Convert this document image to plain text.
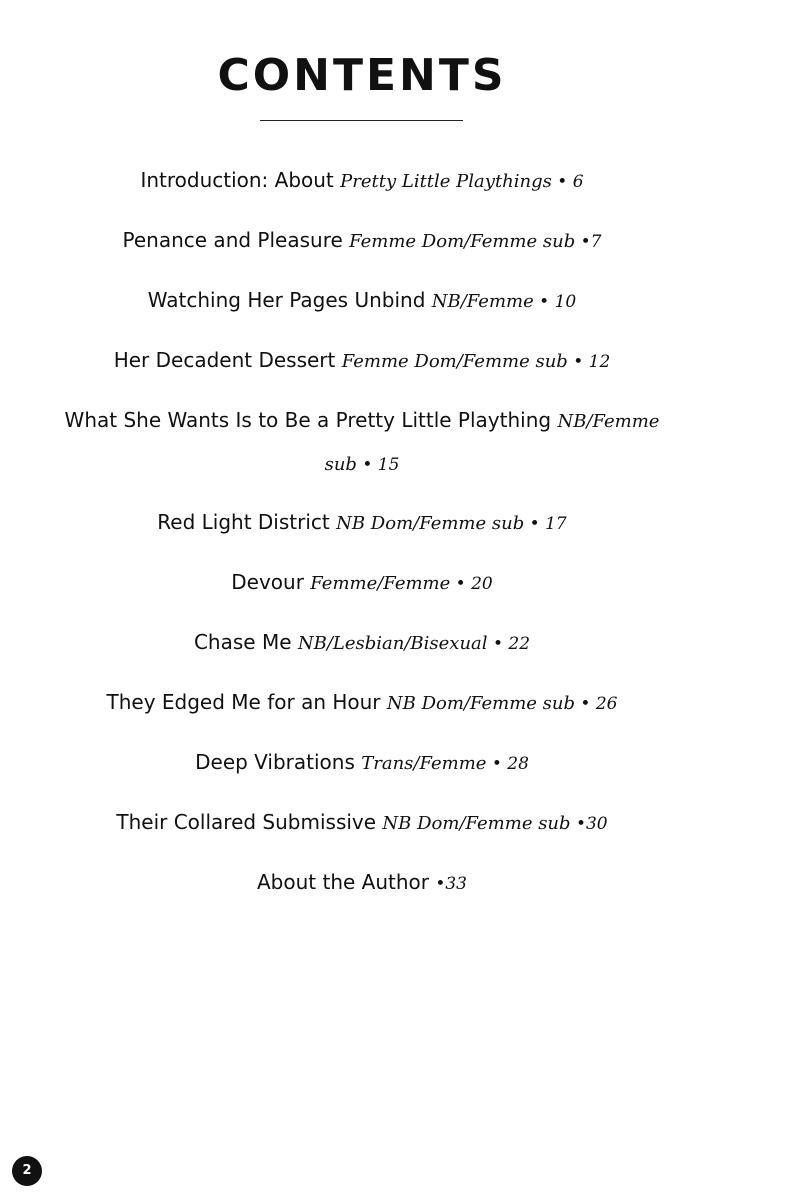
CONTENTS
Introduction: About Pretty Little Playthings • 6
Penance and Pleasure Femme Dom/Femme sub •7
Watching Her Pages Unbind NB/Femme • 10
Her Decadent Dessert Femme Dom/Femme sub • 12
What She Wants Is to Be a Pretty Little Plaything NB/Femme
sub • 15
Red Light District NB Dom/Femme sub • 17
Devour Femme/Femme • 20
Chase Me NB/Lesbian/Bisexual • 22
They Edged Me for an Hour NB Dom/Femme sub • 26
Deep Vibrations Trans/Femme • 28
Their Collared Submissive NB Dom/Femme sub •30
About the Author •33
2
